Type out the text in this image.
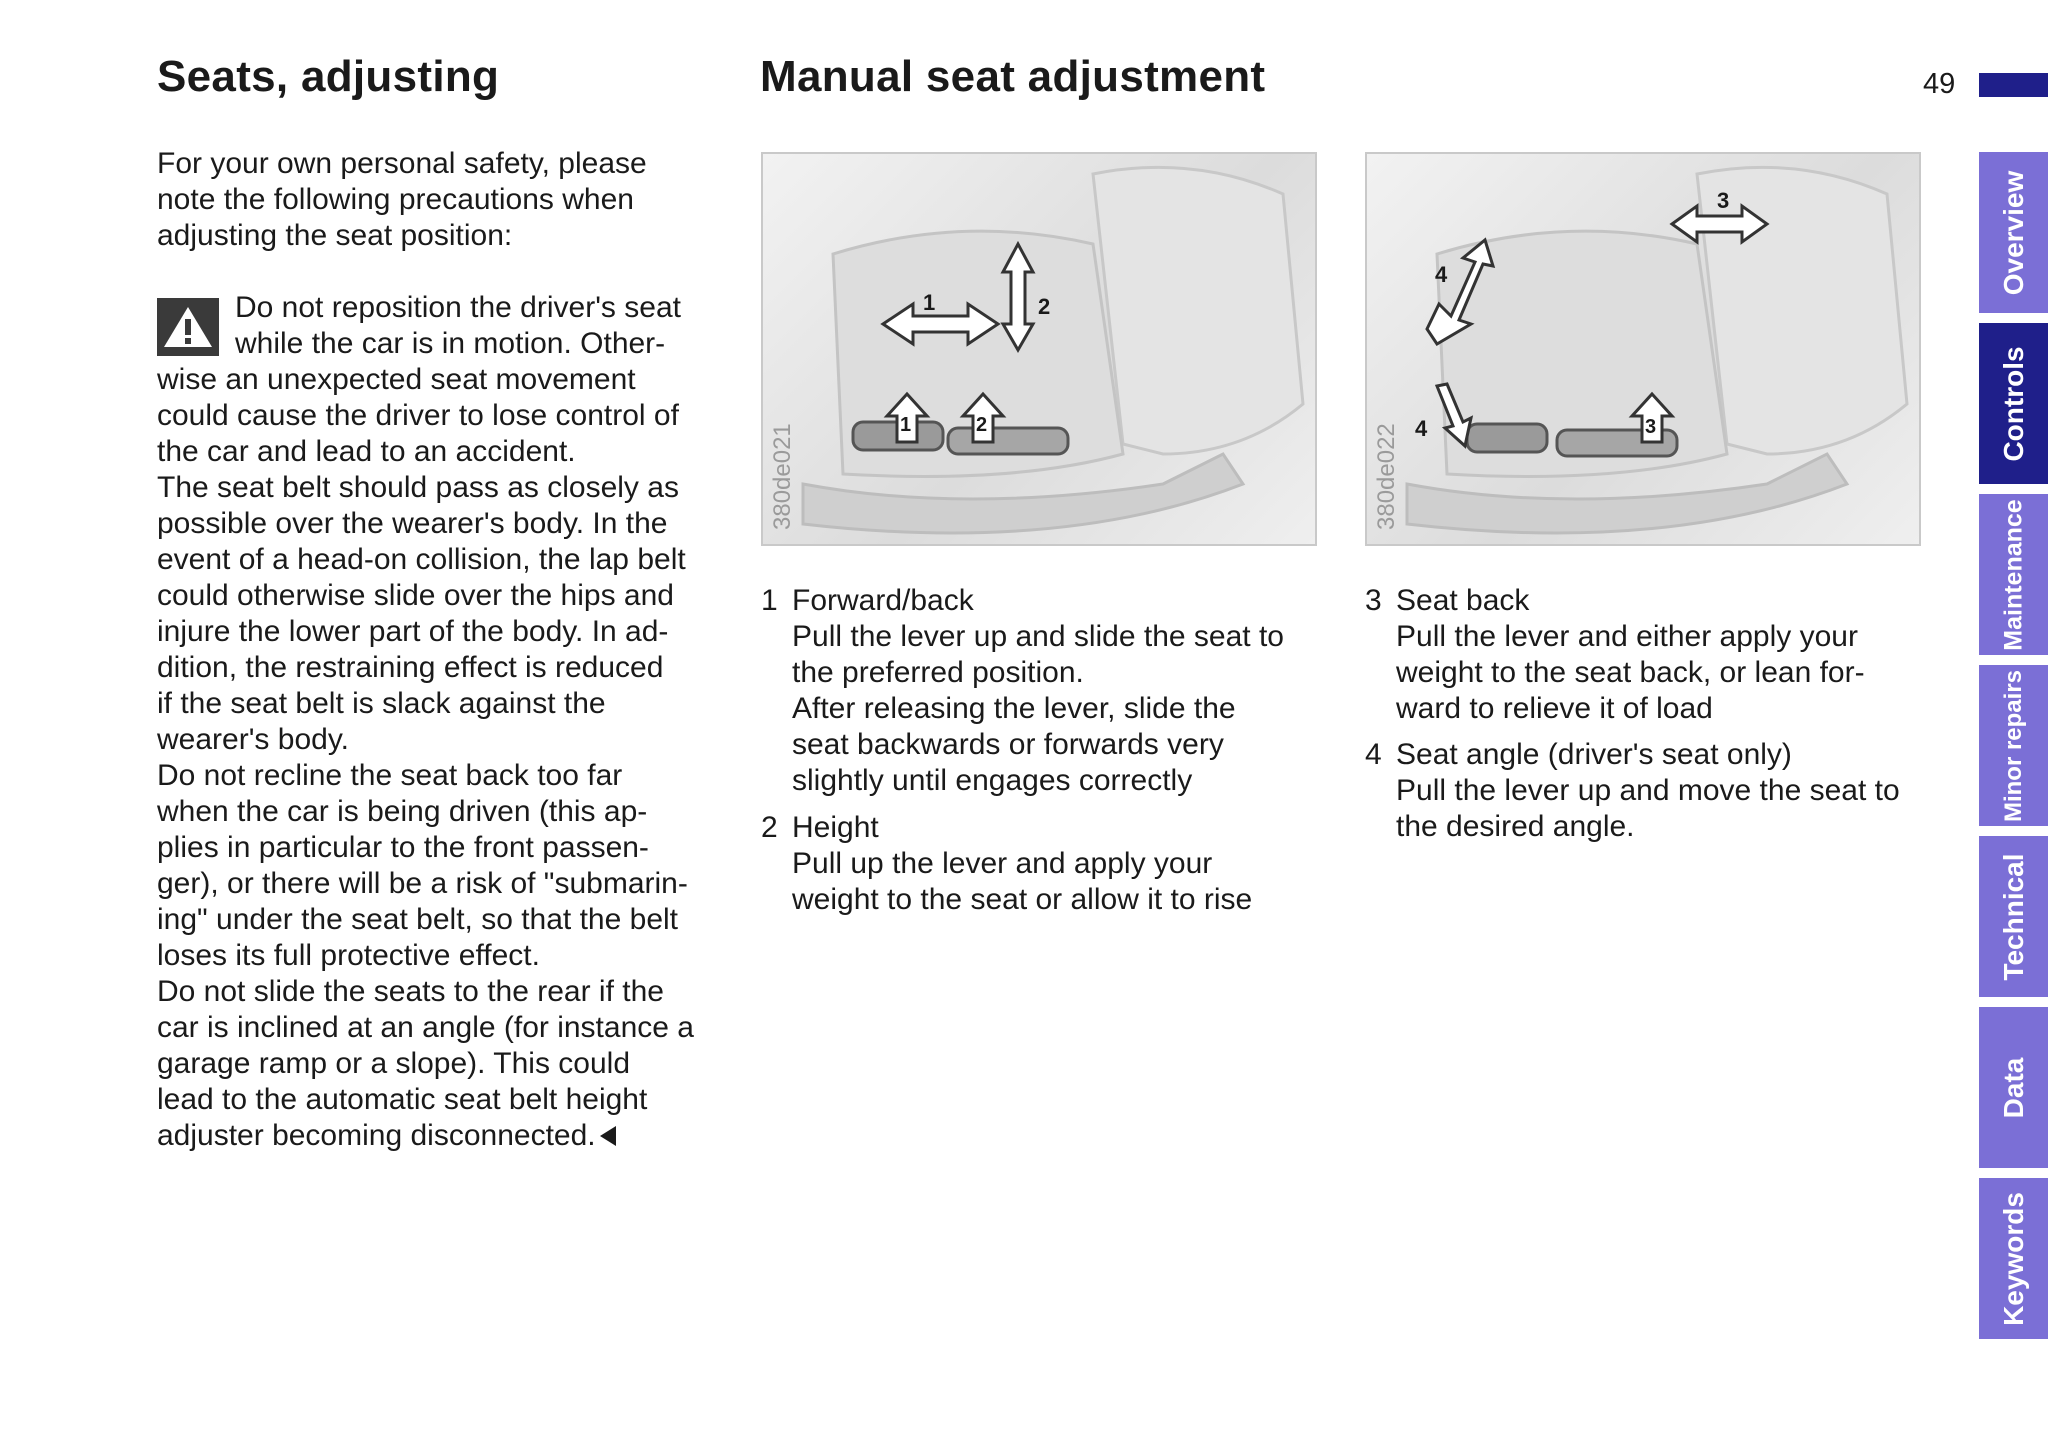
Seats, adjusting	Manual seat adjustment	49
For your own personal safety, please
note the following precautions when
adjusting the seat position:
Do not reposition the driver's seat
while the car is in motion. Other-
wise an unexpected seat movement
could cause the driver to lose control of
the car and lead to an accident.
The seat belt should pass as closely as
possible over the wearer's body. In the
event of a head-on collision, the lap belt
could otherwise slide over the hips and
injure the lower part of the body. In ad-
dition, the restraining effect is reduced
if the seat belt is slack against the
wearer's body.
Do not recline the seat back too far
when the car is being driven (this ap-
plies in particular to the front passen-
ger), or there will be a risk of "submarin-
ing" under the seat belt, so that the belt
loses its full protective effect.
Do not slide the seats to the rear if the
car is inclined at an angle (for instance a
garage ramp or a slope). This could
lead to the automatic seat belt height
adjuster becoming disconnected.
1	2
1	2
380de021
3
4
4	3
380de022
1 Forward/back
Pull the lever up and slide the seat to
the preferred position.
After releasing the lever, slide the
seat backwards or forwards very
slightly until engages correctly
2 Height
Pull up the lever and apply your
weight to the seat or allow it to rise
3 Seat back
Pull the lever and either apply your
weight to the seat back, or lean for-
ward to relieve it of load
4 Seat angle (driver's seat only)
Pull the lever up and move the seat to
the desired angle.
Overview
Controls
Maintenance
Minor repairs
Technical
Data
Keywords
